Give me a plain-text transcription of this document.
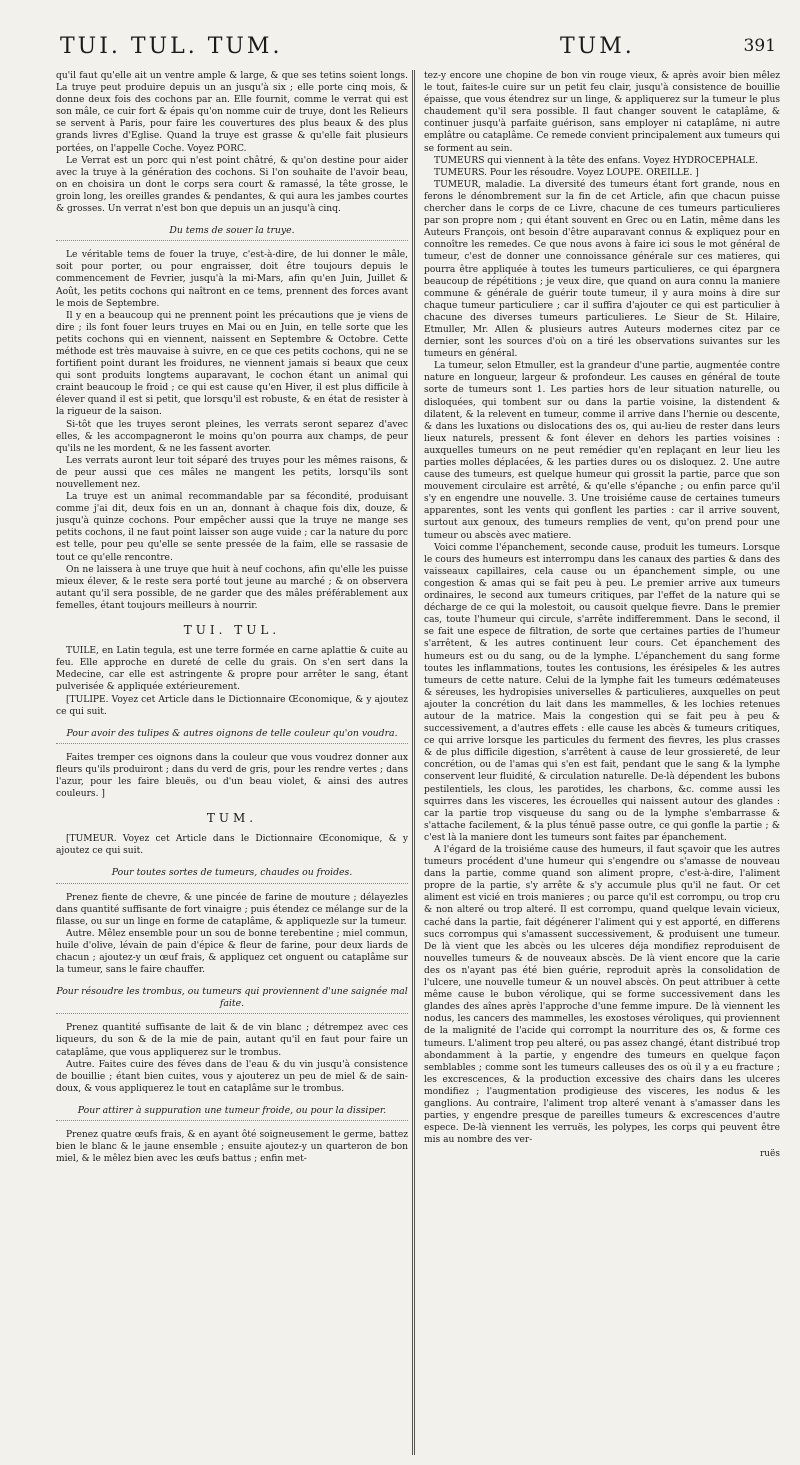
TUI. TUL. TUM.	TUM.	391

qu'il faut qu'elle ait un ventre ample & large, & que ses tetins soient longs. La truye peut produire depuis un an jusqu'à six ; elle porte cinq mois, & donne deux fois des cochons par an. Elle fournit, comme le verrat qui est son mâle, ce cuir fort & épais qu'on nomme cuir de truye, dont les Relieurs se servent à Paris, pour faire les couvertures des plus beaux & des plus grands livres d'Eglise. Quand la truye est grasse & qu'elle fait plusieurs portées, on l'appelle Coche. Voyez PORC.

Le Verrat est un porc qui n'est point châtré, & qu'on destine pour aider avec la truye à la génération des cochons. Si l'on souhaite de l'avoir beau, on en choisira un dont le corps sera court & ramassé, la tête grosse, le groin long, les oreilles grandes & pendantes, & qui aura les jambes courtes & grosses. Un verrat n'est bon que depuis un an jusqu'à cinq.

Du tems de souer la truye.

Le véritable tems de fouer la truye, c'est-à-dire, de lui donner le mâle, soit pour porter, ou pour engraisser, doit être toujours depuis le commencement de Fevrier, jusqu'à la mi-Mars, afin qu'en Juin, Juillet & Août, les petits cochons qui naîtront en ce tems, prennent des forces avant le mois de Septembre.

Il y en a beaucoup qui ne prennent point les précautions que je viens de dire ; ils font fouer leurs truyes en Mai ou en Juin, en telle sorte que les petits cochons qui en viennent, naissent en Septembre & Octobre. Cette méthode est très mauvaise à suivre, en ce que ces petits cochons, qui ne se fortifient point durant les froidures, ne viennent jamais si beaux que ceux qui sont produits longtems auparavant, le cochon étant un animal qui craint beaucoup le froid ; ce qui est cause qu'en Hiver, il est plus difficile à élever quand il est si petit, que lorsqu'il est robuste, & en état de resister à la rigueur de la saison.

Si-tôt que les truyes seront pleines, les verrats seront separez d'avec elles, & les accompagneront le moins qu'on pourra aux champs, de peur qu'ils ne les mordent, & ne les fassent avorter.

Les verrats auront leur toit séparé des truyes pour les mêmes raisons, & de peur aussi que ces mâles ne mangent les petits, lorsqu'ils sont nouvellement nez.

La truye est un animal recommandable par sa fécondité, produisant comme j'ai dit, deux fois en un an, donnant à chaque fois dix, douze, & jusqu'à quinze cochons. Pour empêcher aussi que la truye ne mange ses petits cochons, il ne faut point laisser son auge vuide ; car la nature du porc est telle, pour peu qu'elle se sente pressée de la faim, elle se rassasie de tout ce qu'elle rencontre.

On ne laissera à une truye que huit à neuf cochons, afin qu'elle les puisse mieux élever, & le reste sera porté tout jeune au marché ; & on observera autant qu'il sera possible, de ne garder que des mâles préférablement aux femelles, étant toujours meilleurs à nourrir.

TUI. TUL.

TUILE, en Latin tegula, est une terre formée en carne aplattie & cuite au feu. Elle approche en dureté de celle du grais. On s'en sert dans la Medecine, car elle est astringente & propre pour arrêter le sang, étant pulverisée & appliquée extérieurement.

[TULIPE. Voyez cet Article dans le Dictionnaire Œconomique, & y ajoutez ce qui suit.

Pour avoir des tulipes & autres oignons de telle couleur qu'on voudra.

Faites tremper ces oignons dans la couleur que vous voudrez donner aux fleurs qu'ils produiront ; dans du verd de gris, pour les rendre vertes ; dans l'azur, pour les faire bleuës, ou d'un beau violet, & ainsi des autres couleurs. ]

TUM.

[TUMEUR. Voyez cet Article dans le Dictionnaire Œconomique, & y ajoutez ce qui suit.

Pour toutes sortes de tumeurs, chaudes ou froides.

Prenez fiente de chevre, & une pincée de farine de mouture ; délayezles dans quantité suffisante de fort vinaigre ; puis étendez ce mélange sur de la filasse, ou sur un linge en forme de cataplâme, & appliquezle sur la tumeur.

Autre. Mêlez ensemble pour un sou de bonne terebentine ; miel commun, huile d'olive, lévain de pain d'épice & fleur de farine, pour deux liards de chacun ; ajoutez-y un œuf frais, & appliquez cet onguent ou cataplâme sur la tumeur, sans le faire chauffer.

Pour résoudre les trombus, ou tumeurs qui proviennent d'une saignée mal faite.

Prenez quantité suffisante de lait & de vin blanc ; détrempez avec ces liqueurs, du son & de la mie de pain, autant qu'il en faut pour faire un cataplâme, que vous appliquerez sur le trombus.

Autre. Faites cuire des féves dans de l'eau & du vin jusqu'à consistence de bouillie ; étant bien cuites, vous y ajouterez un peu de miel & de sain-doux, & vous appliquerez le tout en cataplâme sur le trombus.

Pour attirer à suppuration une tumeur froide, ou pour la dissiper.

Prenez quatre œufs frais, & en ayant ôté soigneusement le germe, battez bien le blanc & le jaune ensemble ; ensuite ajoutez-y un quarteron de bon miel, & le mêlez bien avec les œufs battus ; enfin met-

tez-y encore une chopine de bon vin rouge vieux, & après avoir bien mêlez le tout, faites-le cuire sur un petit feu clair, jusqu'à consistence de bouillie épaisse, que vous étendrez sur un linge, & appliquerez sur la tumeur le plus chaudement qu'il sera possible. Il faut changer souvent le cataplâme, & continuer jusqu'à parfaite guérison, sans employer ni cataplâme, ni autre emplâtre ou cataplâme. Ce remede convient principalement aux tumeurs qui se forment au sein.

TUMEURS qui viennent à la tête des enfans. Voyez HYDROCEPHALE.

TUMEURS. Pour les résoudre. Voyez LOUPE. OREILLE. ]

TUMEUR, maladie. La diversité des tumeurs étant fort grande, nous en ferons le dénombrement sur la fin de cet Article, afin que chacun puisse chercher dans le corps de ce Livre, chacune de ces tumeurs particulieres par son propre nom ; qui étant souvent en Grec ou en Latin, même dans les Auteurs François, ont besoin d'être auparavant connus & expliquez pour en connoître les remedes. Ce que nous avons à faire ici sous le mot général de tumeur, c'est de donner une connoissance générale sur ces matieres, qui pourra être appliquée à toutes les tumeurs particulieres, ce qui épargnera beaucoup de répétitions ; je veux dire, que quand on aura connu la maniere commune & générale de guérir toute tumeur, il y aura moins à dire sur chaque tumeur particuliere ; car il suffira d'ajouter ce qui est particulier à chacune des diverses tumeurs particulieres. Le Sieur de St. Hilaire, Etmuller, Mr. Allen & plusieurs autres Auteurs modernes citez par ce dernier, sont les sources d'où on a tiré les observations suivantes sur les tumeurs en général.

La tumeur, selon Etmuller, est la grandeur d'une partie, augmentée contre nature en longueur, largeur & profondeur. Les causes en général de toute sorte de tumeurs sont 1. Les parties hors de leur situation naturelle, ou disloquées, qui tombent sur ou dans la partie voisine, la distendent & dilatent, & la relevent en tumeur, comme il arrive dans l'hernie ou descente, & dans les luxations ou dislocations des os, qui au-lieu de rester dans leurs lieux naturels, pressent & font élever en dehors les parties voisines : auxquelles tumeurs on ne peut remédier qu'en replaçant en leur lieu les parties molles déplacées, & les parties dures ou os disloquez. 2. Une autre cause des tumeurs, est quelque humeur qui grossit la partie, parce que son mouvement circulaire est arrêté, & qu'elle s'épanche ; ou enfin parce qu'il s'y en engendre une nouvelle. 3. Une troisiéme cause de certaines tumeurs apparentes, sont les vents qui gonflent les parties : car il arrive souvent, surtout aux genoux, des tumeurs remplies de vent, qu'on prend pour une tumeur ou abscès avec matiere.

Voici comme l'épanchement, seconde cause, produit les tumeurs. Lorsque le cours des humeurs est interrompu dans les canaux des parties & dans des vaisseaux capillaires, cela cause ou un épanchement simple, ou une congestion & amas qui se fait peu à peu. Le premier arrive aux tumeurs ordinaires, le second aux tumeurs critiques, par l'effet de la nature qui se décharge de ce qui la molestoit, ou causoit quelque fievre. Dans le premier cas, toute l'humeur qui circule, s'arrête indifferemment. Dans le second, il se fait une espece de filtration, de sorte que certaines parties de l'humeur s'arrêtent, & les autres continuent leur cours. Cet épanchement des humeurs est ou du sang, ou de la lymphe. L'épanchement du sang forme toutes les inflammations, toutes les contusions, les érésipeles & les autres tumeurs de cette nature. Celui de la lymphe fait les tumeurs œdémateuses & séreuses, les hydropisies universelles & particulieres, auxquelles on peut ajouter la concrétion du lait dans les mammelles, & les lochies retenues autour de la matrice. Mais la congestion qui se fait peu à peu & successivement, a d'autres effets : elle cause les abcès & tumeurs critiques, ce qui arrive lorsque les particules du ferment des fievres, les plus crasses & de plus difficile digestion, s'arrêtent à cause de leur grossiereté, de leur concrétion, ou de l'amas qui s'en est fait, pendant que le sang & la lymphe conservent leur fluidité, & circulation naturelle. De-là dépendent les bubons pestilentiels, les clous, les parotides, les charbons, &c. comme aussi les squirres dans les visceres, les écrouelles qui naissent autour des glandes : car la partie trop visqueuse du sang ou de la lymphe s'embarrasse & s'attache facilement, & la plus ténuë passe outre, ce qui gonfle la partie ; & c'est là la maniere dont les tumeurs sont faites par épanchement.

A l'égard de la troisiéme cause des humeurs, il faut sçavoir que les autres tumeurs procédent d'une humeur qui s'engendre ou s'amasse de nouveau dans la partie, comme quand son aliment propre, c'est-à-dire, l'aliment propre de la partie, s'y arrête & s'y accumule plus qu'il ne faut. Or cet aliment est vicié en trois manieres ; ou parce qu'il est corrompu, ou trop cru & non alteré ou trop alteré. Il est corrompu, quand quelque levain vicieux, caché dans la partie, fait dégénerer l'aliment qui y est apporté, en differens sucs corrompus qui s'amassent successivement, & produisent une tumeur. De là vient que les abcès ou les ulceres déja mondifiez reproduisent de nouvelles tumeurs & de nouveaux abscès. De là vient encore que la carie des os n'ayant pas été bien guérie, reproduit après la consolidation de l'ulcere, une nouvelle tumeur & un nouvel abscès. On peut attribuer à cette même cause le bubon vérolique, qui se forme successivement dans les glandes des aînes après l'approche d'une femme impure. De là viennent les nodus, les cancers des mammelles, les exostoses véroliques, qui proviennent de la malignité de l'acide qui corrompt la nourriture des os, & forme ces tumeurs. L'aliment trop peu alteré, ou pas assez changé, étant distribué trop abondamment à la partie, y engendre des tumeurs en quelque façon semblables ; comme sont les tumeurs calleuses des os où il y a eu fracture ; les excrescences, & la production excessive des chairs dans les ulceres mondifiez ; l'augmentation prodigieuse des visceres, les nodus & les ganglions. Au contraire, l'aliment trop alteré venant à s'amasser dans les parties, y engendre presque de pareilles tumeurs & excrescences d'autre espece. De-là viennent les verruës, les polypes, les corps qui peuvent être mis au nombre des ver-

ruës
